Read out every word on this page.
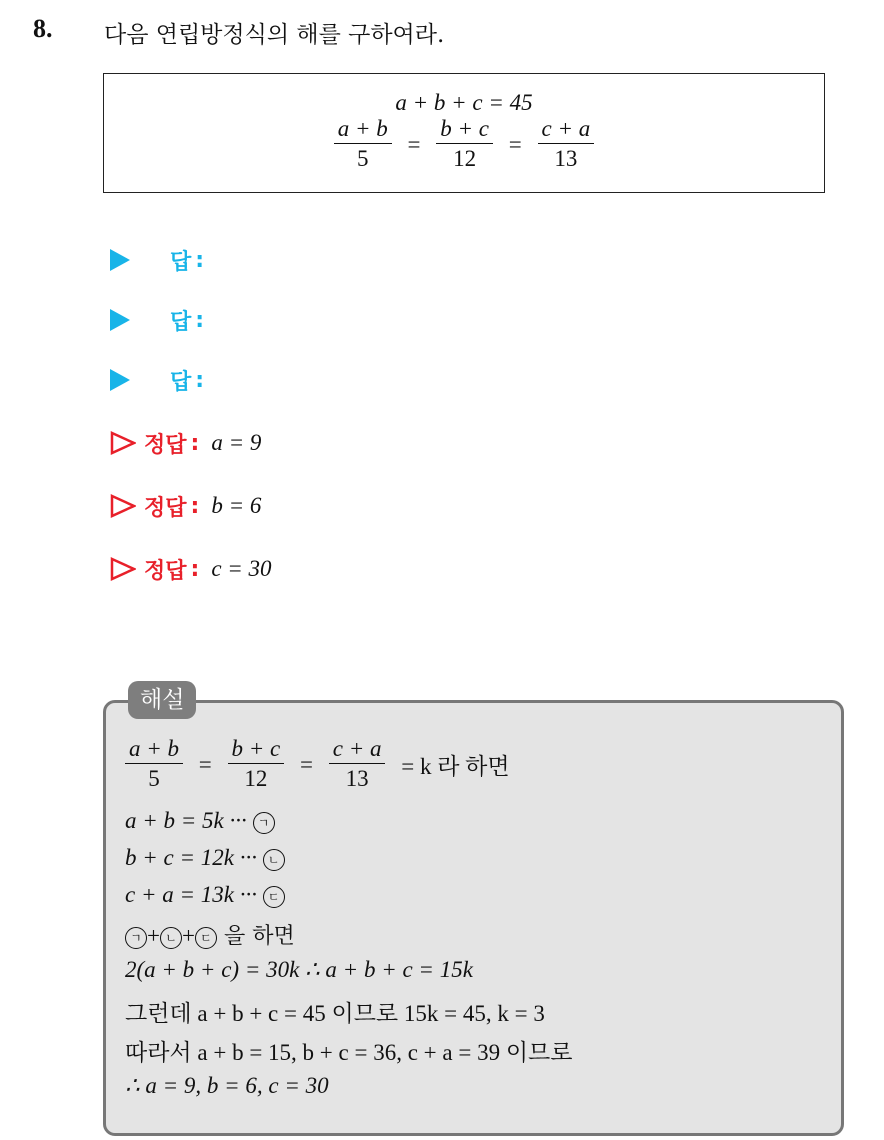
8. 다음 연립방정식의 해를 구하여라.
a + b + c = 45
$\frac{a + b}{5} = \frac{b + c}{12} = \frac{c + a}{13}$
답 :
답 :
답 :
정답 : a = 9
정답 : b = 6
정답 : c = 30
해설
$\frac{a + b}{5} = \frac{b + c}{12} = \frac{c + a}{13} = k$ 라 하면
a + b = 5k ··· ㄱ
b + c = 12k ··· ㄴ
c + a = 13k ··· ㄷ
ㄱ + ㄴ + ㄷ 을 하면
2(a + b + c) = 30k ∴ a + b + c = 15k
그런데 a + b + c = 45 이므로 15k = 45, k = 3
따라서 a + b = 15, b + c = 36, c + a = 39 이므로
∴ a = 9, b = 6, c = 30
